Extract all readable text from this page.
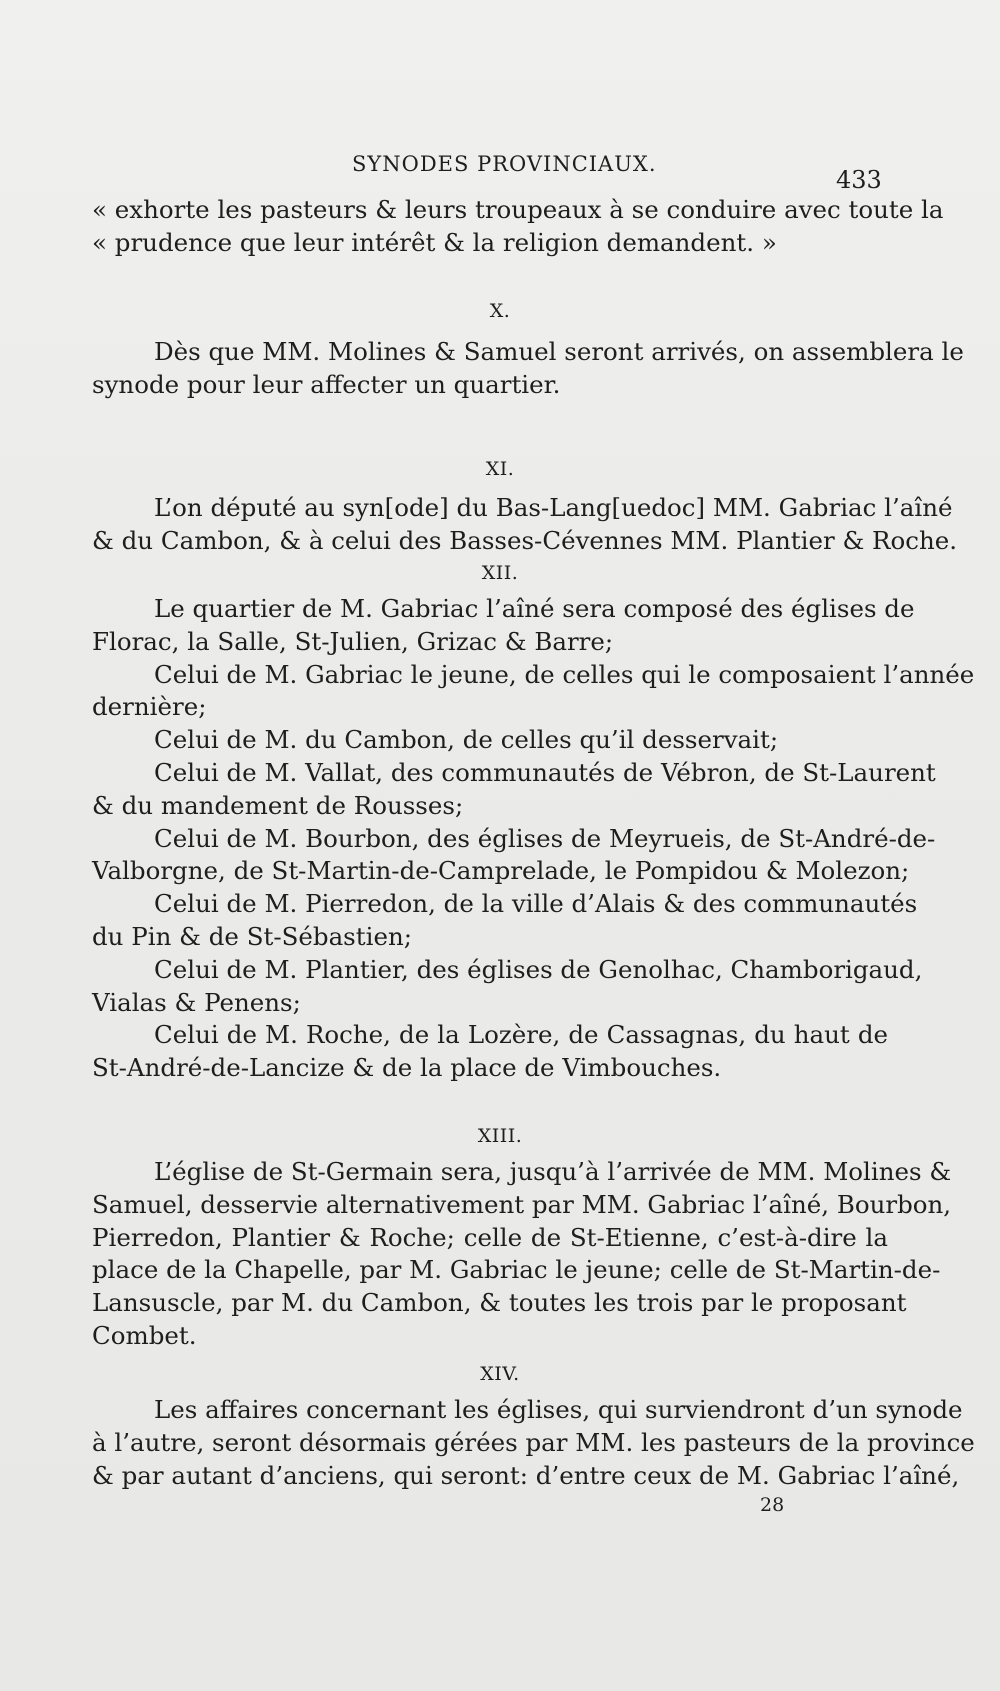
SYNODES PROVINCIAUX.
433
« exhorte les pasteurs & leurs troupeaux à se conduire avec toute la
« prudence que leur intérêt & la religion demandent. »
X.
Dès que MM. Molines & Samuel seront arrivés, on assemblera le
synode pour leur affecter un quartier.
XI.
L’on député au syn[ode] du Bas-Lang[uedoc] MM. Gabriac l’aîné
& du Cambon, & à celui des Basses-Cévennes MM. Plantier & Roche.
XII.
Le quartier de M. Gabriac l’aîné sera composé des églises de
Florac, la Salle, St-Julien, Grizac & Barre;
Celui de M. Gabriac le jeune, de celles qui le composaient l’année
dernière;
Celui de M. du Cambon, de celles qu’il desservait;
Celui de M. Vallat, des communautés de Vébron, de St-Laurent
& du mandement de Rousses;
Celui de M. Bourbon, des églises de Meyrueis, de St-André-de-
Valborgne, de St-Martin-de-Camprelade, le Pompidou & Molezon;
Celui de M. Pierredon, de la ville d’Alais & des communautés
du Pin & de St-Sébastien;
Celui de M. Plantier, des églises de Genolhac, Chamborigaud,
Vialas & Penens;
Celui de M. Roche, de la Lozère, de Cassagnas, du haut de
St-André-de-Lancize & de la place de Vimbouches.
XIII.
L’église de St-Germain sera, jusqu’à l’arrivée de MM. Molines &
Samuel, desservie alternativement par MM. Gabriac l’aîné, Bourbon,
Pierredon, Plantier & Roche; celle de St-Etienne, c’est-à-dire la
place de la Chapelle, par M. Gabriac le jeune; celle de St-Martin-de-
Lansuscle, par M. du Cambon, & toutes les trois par le proposant
Combet.
XIV.
Les affaires concernant les églises, qui surviendront d’un synode
à l’autre, seront désormais gérées par MM. les pasteurs de la province
& par autant d’anciens, qui seront: d’entre ceux de M. Gabriac l’aîné,
28
